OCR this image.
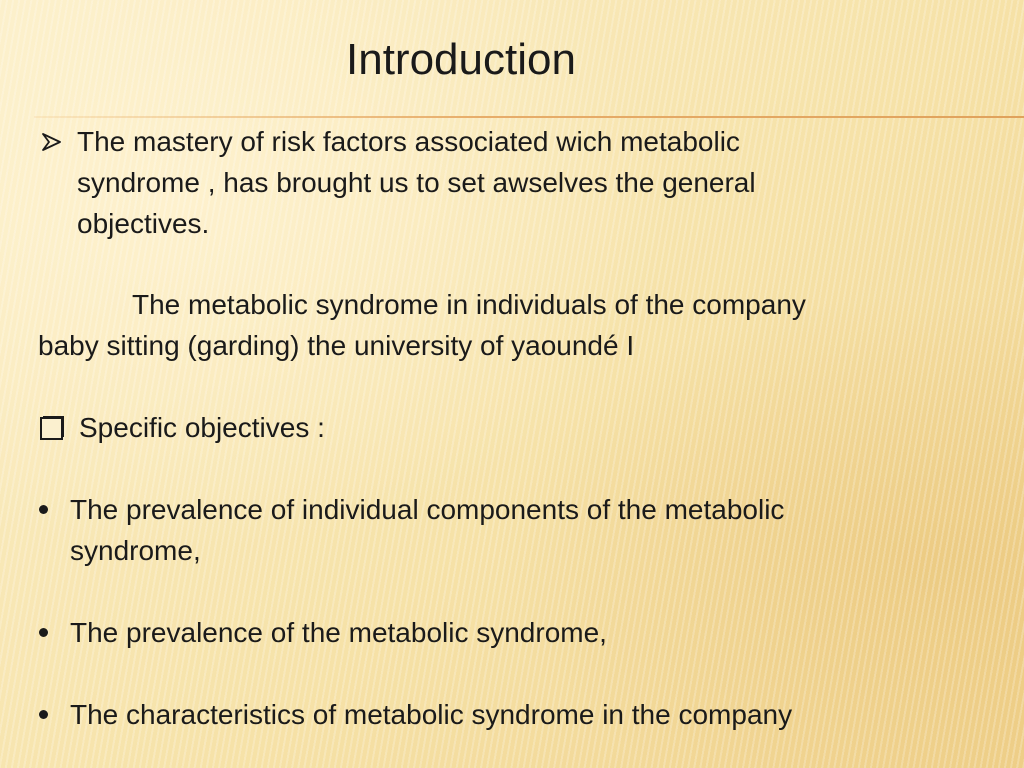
Introduction
The mastery of risk factors associated wich metabolic
syndrome , has brought us to set awselves the general
objectives.
The metabolic syndrome in individuals of the company
baby sitting (garding) the university of yaoundé I
Specific objectives :
The prevalence of individual components of the metabolic
syndrome,
The prevalence of the metabolic syndrome,
The characteristics of metabolic syndrome in the company
